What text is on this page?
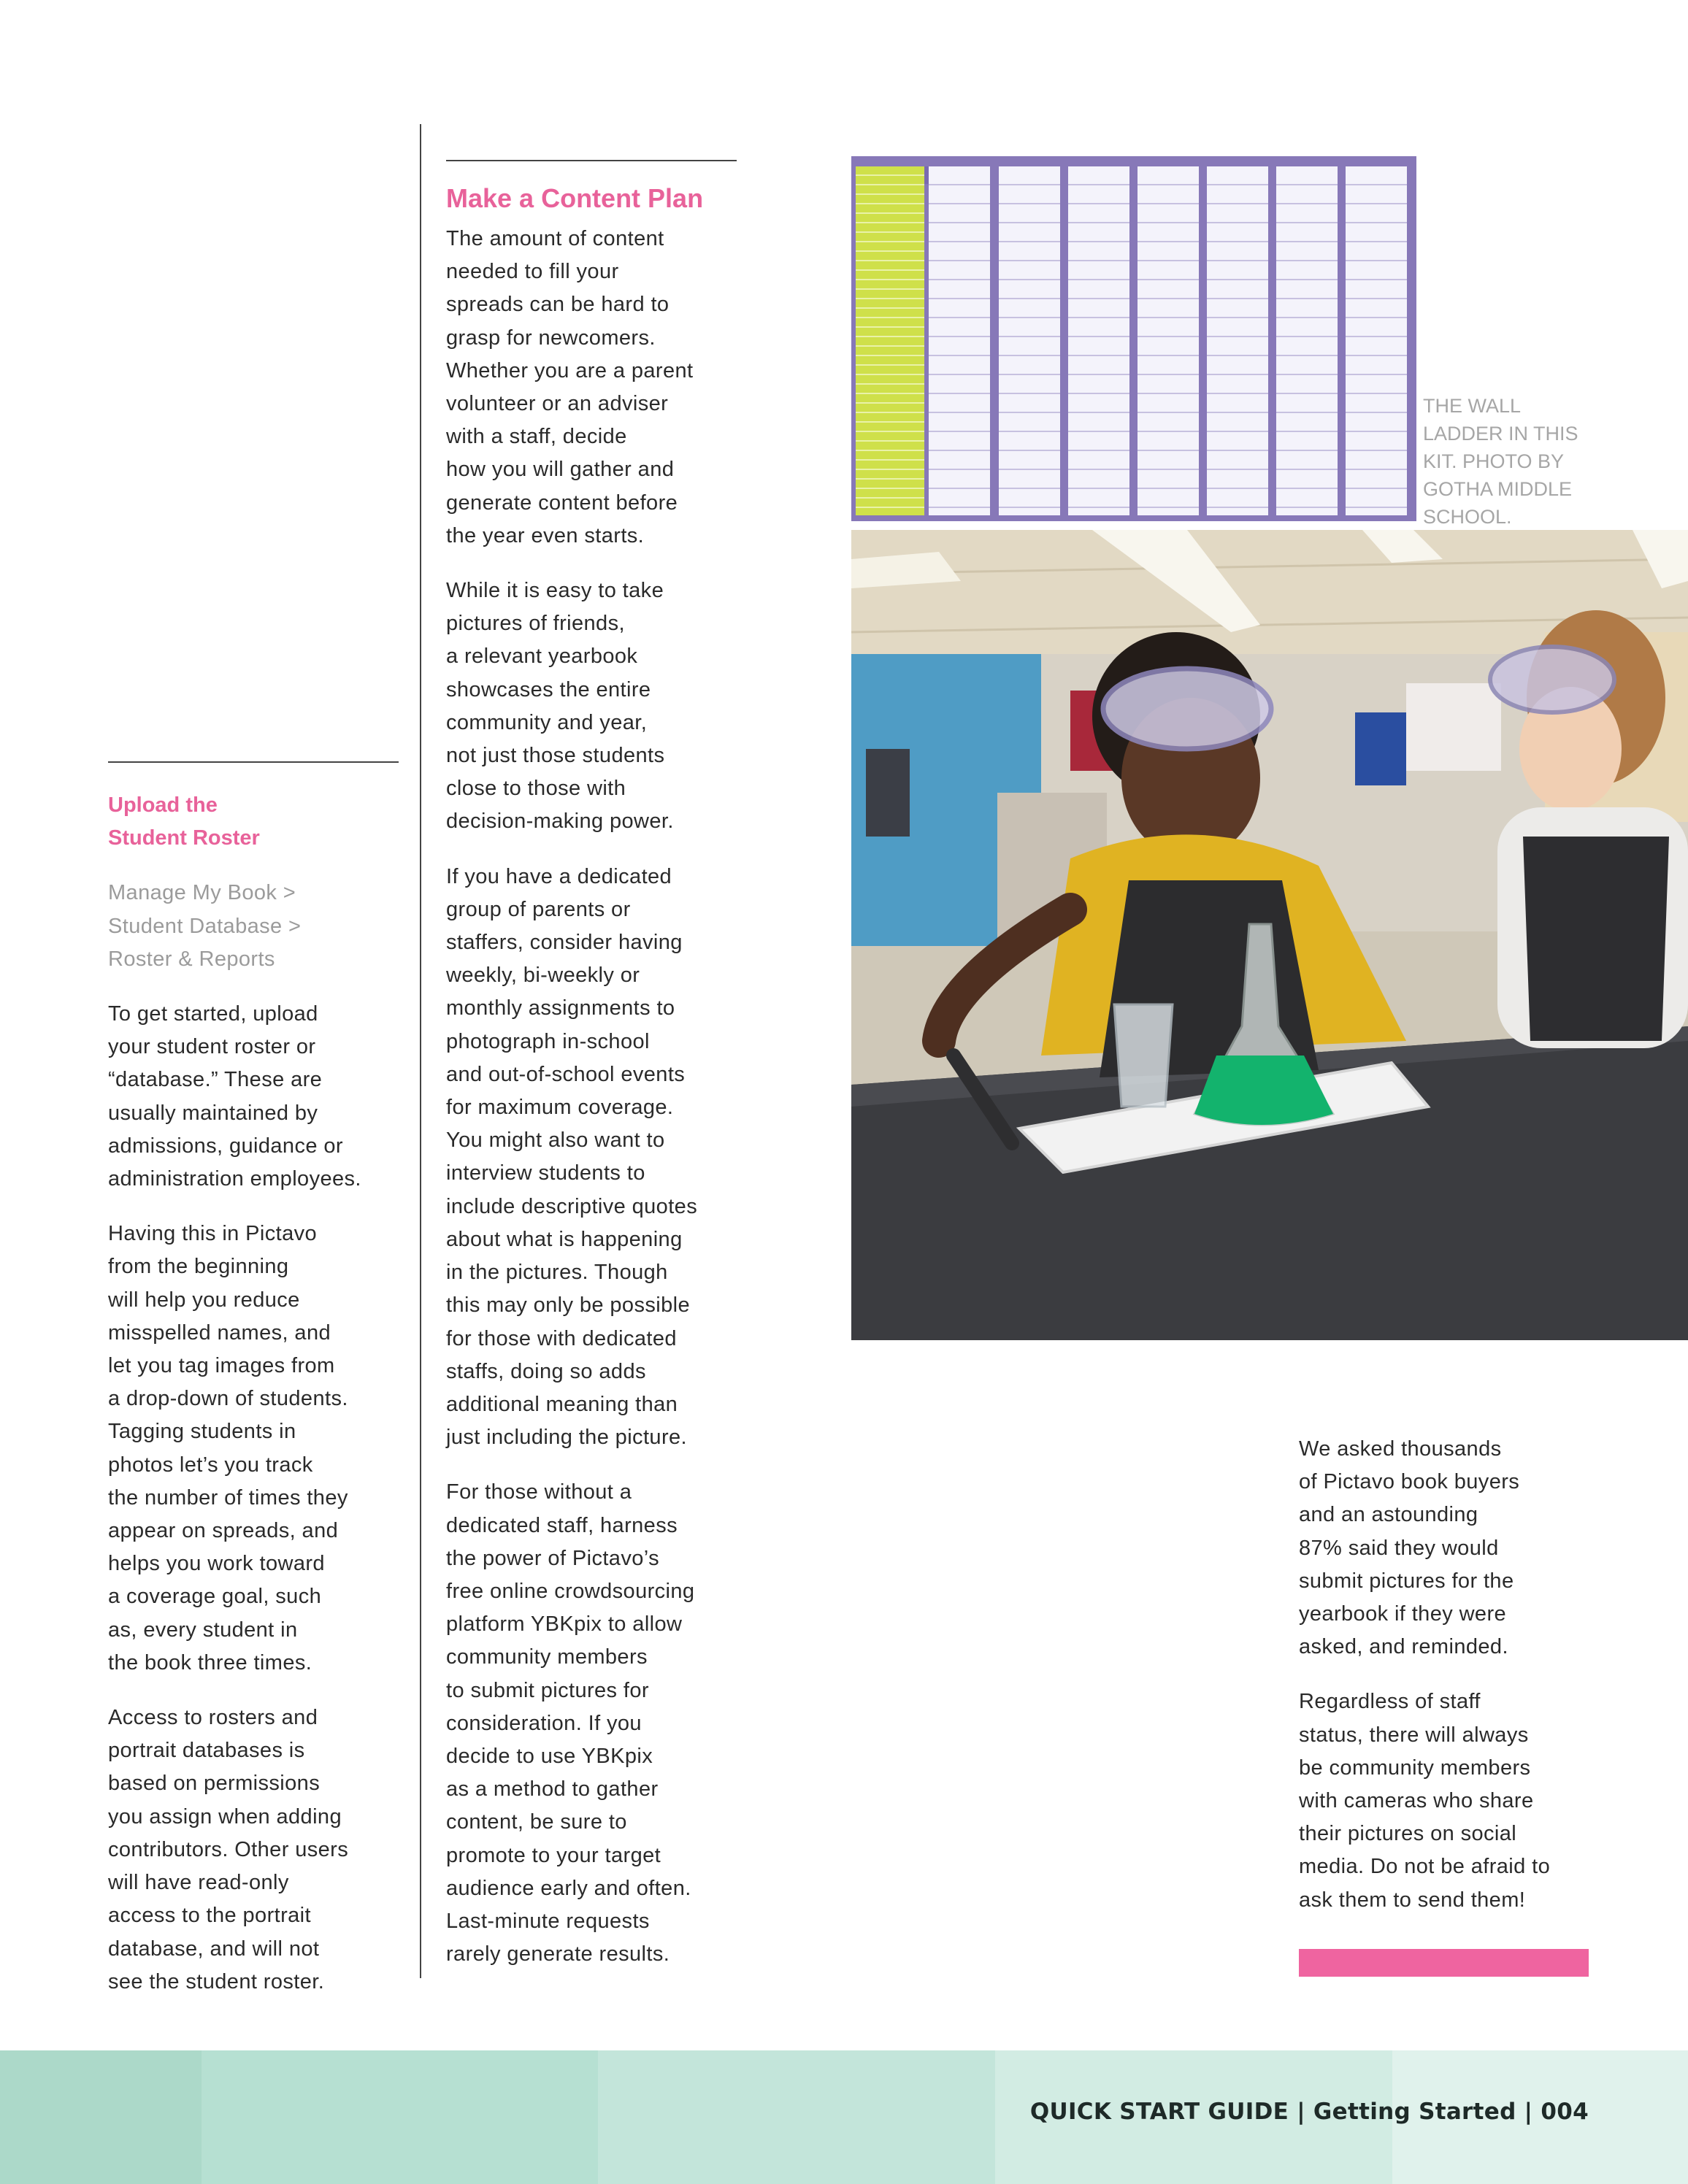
Upload the
Student Roster
Manage My Book >
Student Database >
Roster & Reports

To get started, upload
your student roster or
“database.” These are
usually maintained by
admissions, guidance or
administration employees.

Having this in Pictavo
from the beginning
will help you reduce
misspelled names, and
let you tag images from
a drop-down of students.
Tagging students in
photos let’s you track
the number of times they
appear on spreads, and
helps you work toward
a coverage goal, such
as, every student in
the book three times.

Access to rosters and
portrait databases is
based on permissions
you assign when adding
contributors. Other users
will have read-only
access to the portrait
database, and will not
see the student roster.

Make a Content Plan

The amount of content
needed to fill your
spreads can be hard to
grasp for newcomers.
Whether you are a parent
volunteer or an adviser
with a staff, decide
how you will gather and
generate content before
the year even starts.

While it is easy to take
pictures of friends,
a relevant yearbook
showcases the entire
community and year,
not just those students
close to those with
decision-making power.

If you have a dedicated
group of parents or
staffers, consider having
weekly, bi-weekly or
monthly assignments to
photograph in-school
and out-of-school events
for maximum coverage.
You might also want to
interview students to
include descriptive quotes
about what is happening
in the pictures. Though
this may only be possible
for those with dedicated
staffs, doing so adds
additional meaning than
just including the picture.

For those without a
dedicated staff, harness
the power of Pictavo’s
free online crowdsourcing
platform YBKpix to allow
community members
to submit pictures for
consideration. If you
decide to use YBKpix
as a method to gather
content, be sure to
promote to your target
audience early and often.
Last-minute requests
rarely generate results.

THE WALL
LADDER IN THIS
KIT. PHOTO BY
GOTHA MIDDLE
SCHOOL.

We asked thousands
of Pictavo book buyers
and an astounding
87% said they would
submit pictures for the
yearbook if they were
asked, and reminded.

Regardless of staff
status, there will always
be community members
with cameras who share
their pictures on social
media. Do not be afraid to
ask them to send them!

QUICK START GUIDE | Getting Started | 004
